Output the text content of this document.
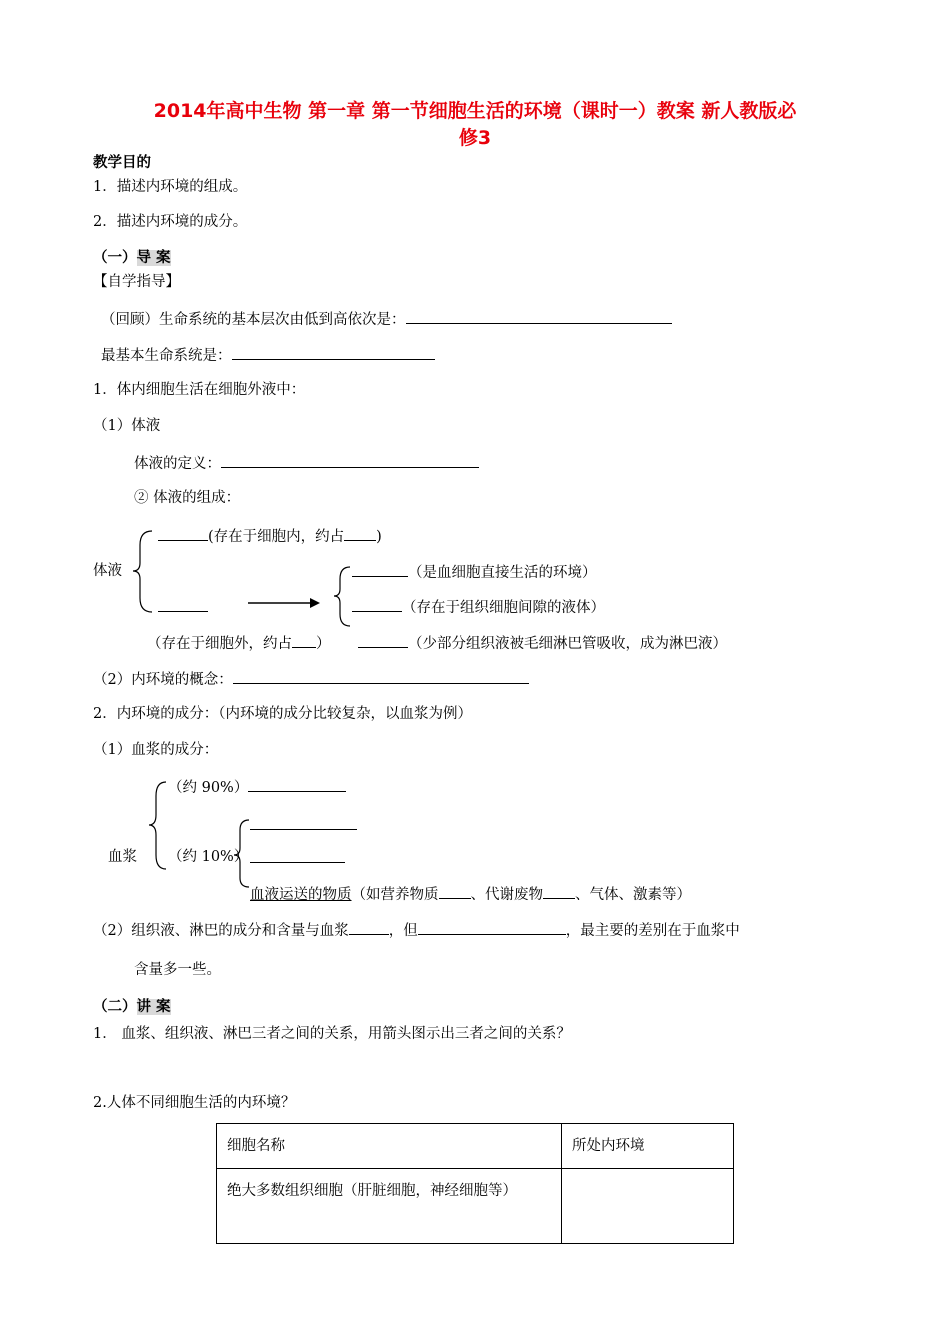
2014年高中生物 第一章 第一节细胞生活的环境（课时一）教案 新人教版必
修3
教学目的
1．描述内环境的组成。
2．描述内环境的成分。
（一）导 案
【自学指导】
（回顾）生命系统的基本层次由低到高依次是：
最基本生命系统是：
1．体内细胞生活在细胞外液中：
（1）体液
体液的定义：
② 体液的组成：
体液
(存在于细胞内，约占 )
（是血细胞直接生活的环境）
（存在于组织细胞间隙的液体）
（存在于细胞外，约占 ）	（少部分组织液被毛细淋巴管吸收，成为淋巴液）
（2）内环境的概念：
2．内环境的成分：（内环境的成分比较复杂，以血浆为例）
（1）血浆的成分：
（约 90%）
血浆 （约 10%）
血液运送的物质（如营养物质 、代谢废物 、气体、激素等）
（2）组织液、淋巴的成分和含量与血浆	，但	，最主要的差别在于血浆中
含量多一些。
（二）讲 案
1． 血浆、组织液、淋巴三者之间的关系，用箭头图示出三者之间的关系？
2.人体不同细胞生活的内环境？
细胞名称	所处内环境
绝大多数组织细胞（肝脏细胞，神经细胞等）	
